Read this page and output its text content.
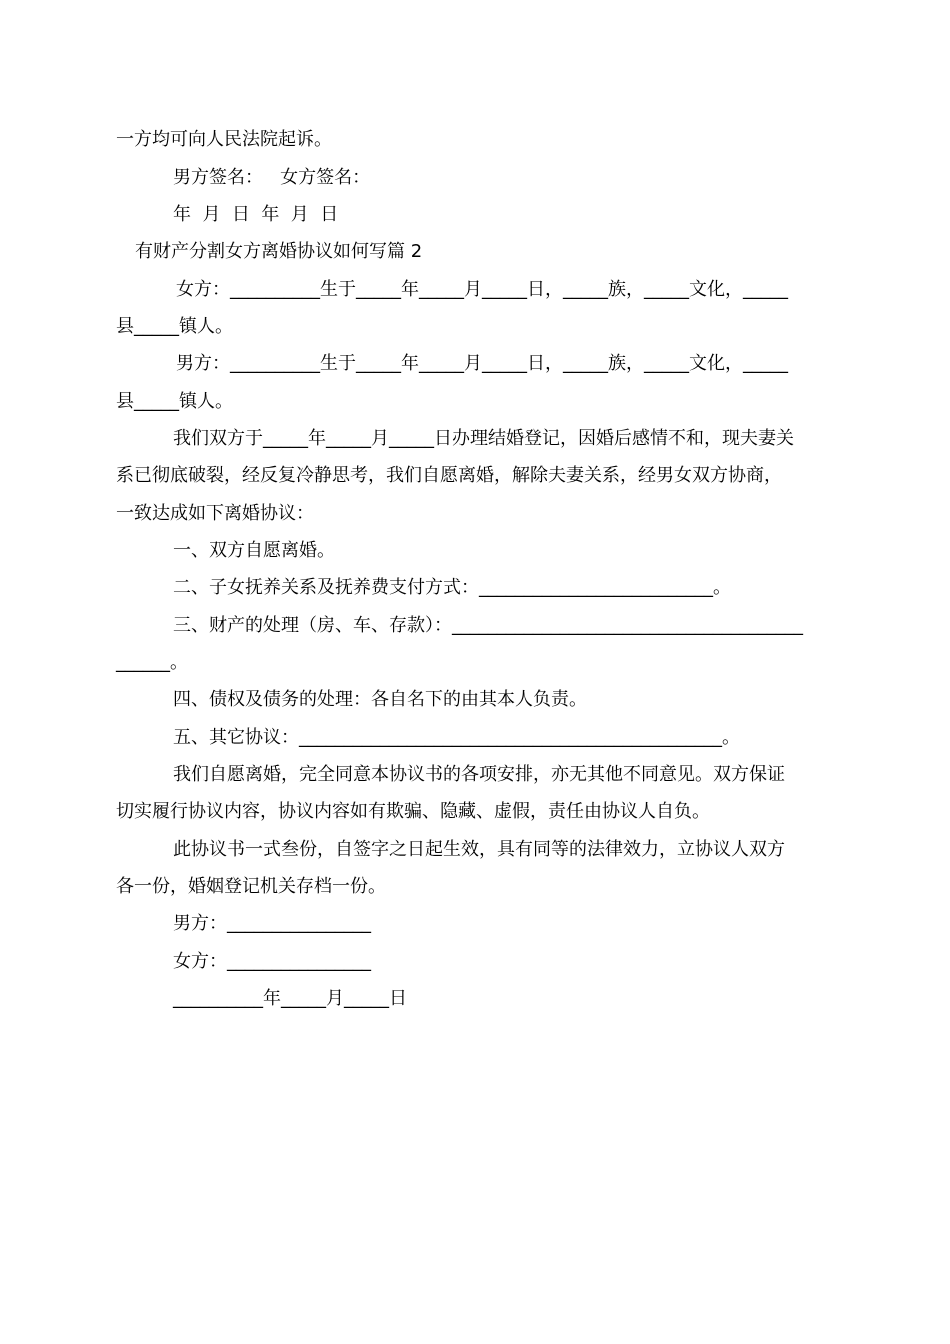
一方均可向人民法院起诉。
男方签名：   女方签名：
年  月  日  年  月  日
有财产分割女方离婚协议如何写篇 2
女方：__________生于_____年_____月_____日，_____族，_____文化，_____
县_____镇人。
男方：__________生于_____年_____月_____日，_____族，_____文化，_____
县_____镇人。
我们双方于_____年_____月_____日办理结婚登记，因婚后感情不和，现夫妻关
系已彻底破裂，经反复冷静思考，我们自愿离婚，解除夫妻关系，经男女双方协商，
一致达成如下离婚协议：
一、双方自愿离婚。
二、子女抚养关系及抚养费支付方式：__________________________。
三、财产的处理（房、车、存款）：_______________________________________
______。
四、债权及债务的处理：各自名下的由其本人负责。
五、其它协议：_______________________________________________。
我们自愿离婚，完全同意本协议书的各项安排，亦无其他不同意见。双方保证
切实履行协议内容，协议内容如有欺骗、隐藏、虚假，责任由协议人自负。
此协议书一式叁份，自签字之日起生效，具有同等的法律效力，立协议人双方
各一份，婚姻登记机关存档一份。
男方：________________
女方：________________
__________年_____月_____日
